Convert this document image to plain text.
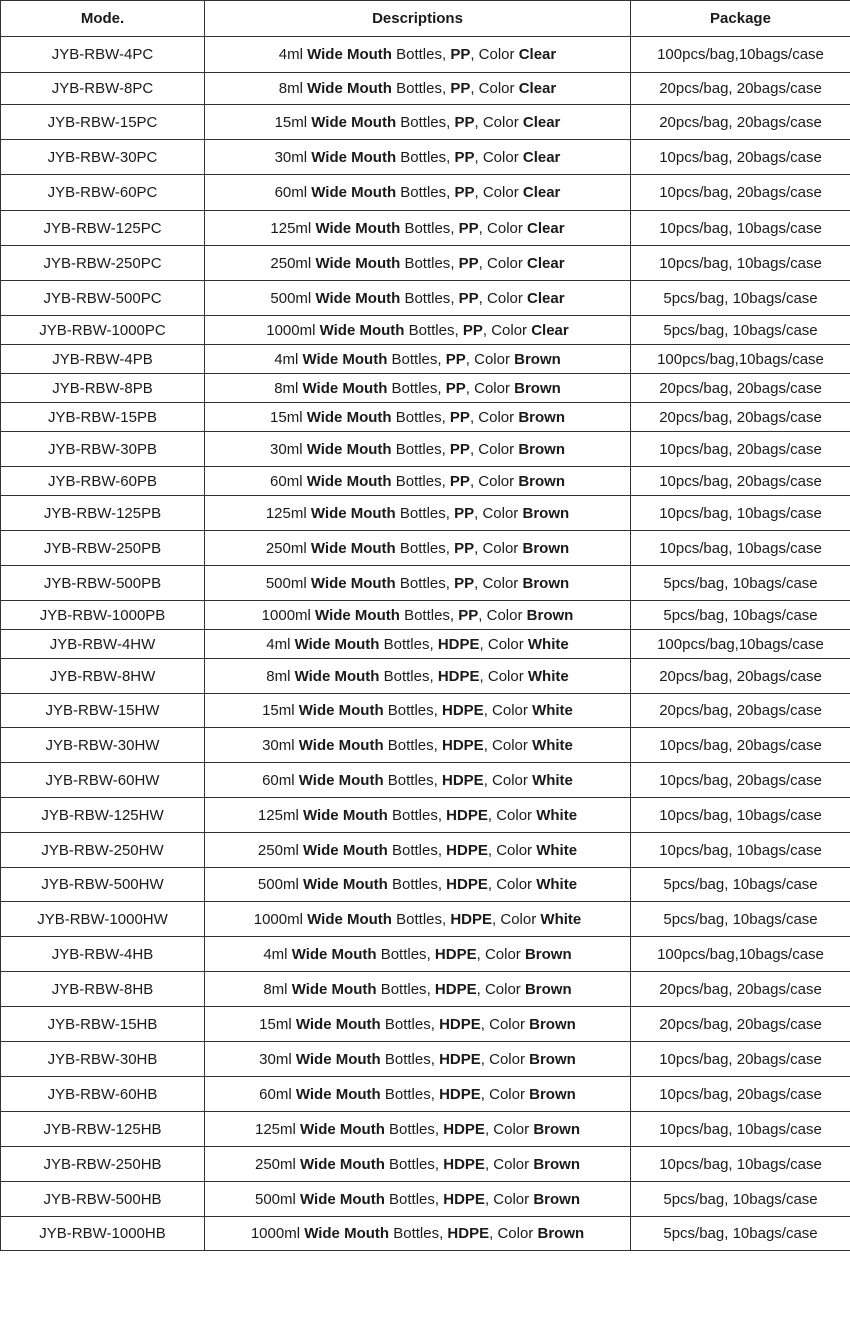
Mode.	Descriptions	Package
JYB-RBW-4PC	4ml Wide Mouth Bottles, PP, Color Clear	100pcs/bag,10bags/case
JYB-RBW-8PC	8ml Wide Mouth Bottles, PP, Color Clear	20pcs/bag, 20bags/case
JYB-RBW-15PC	15ml Wide Mouth Bottles, PP, Color Clear	20pcs/bag, 20bags/case
JYB-RBW-30PC	30ml Wide Mouth Bottles, PP, Color Clear	10pcs/bag, 20bags/case
JYB-RBW-60PC	60ml Wide Mouth Bottles, PP, Color Clear	10pcs/bag, 20bags/case
JYB-RBW-125PC	125ml Wide Mouth Bottles, PP, Color Clear	10pcs/bag, 10bags/case
JYB-RBW-250PC	250ml Wide Mouth Bottles, PP, Color Clear	10pcs/bag, 10bags/case
JYB-RBW-500PC	500ml Wide Mouth Bottles, PP, Color Clear	5pcs/bag, 10bags/case
JYB-RBW-1000PC	1000ml Wide Mouth Bottles, PP, Color Clear	5pcs/bag, 10bags/case
JYB-RBW-4PB	4ml Wide Mouth Bottles, PP, Color Brown	100pcs/bag,10bags/case
JYB-RBW-8PB	8ml Wide Mouth Bottles, PP, Color Brown	20pcs/bag, 20bags/case
JYB-RBW-15PB	15ml Wide Mouth Bottles, PP, Color Brown	20pcs/bag, 20bags/case
JYB-RBW-30PB	30ml Wide Mouth Bottles, PP, Color Brown	10pcs/bag, 20bags/case
JYB-RBW-60PB	60ml Wide Mouth Bottles, PP, Color Brown	10pcs/bag, 20bags/case
JYB-RBW-125PB	125ml Wide Mouth Bottles, PP, Color Brown	10pcs/bag, 10bags/case
JYB-RBW-250PB	250ml Wide Mouth Bottles, PP, Color Brown	10pcs/bag, 10bags/case
JYB-RBW-500PB	500ml Wide Mouth Bottles, PP, Color Brown	5pcs/bag, 10bags/case
JYB-RBW-1000PB	1000ml Wide Mouth Bottles, PP, Color Brown	5pcs/bag, 10bags/case
JYB-RBW-4HW	4ml Wide Mouth Bottles, HDPE, Color White	100pcs/bag,10bags/case
JYB-RBW-8HW	8ml Wide Mouth Bottles, HDPE, Color White	20pcs/bag, 20bags/case
JYB-RBW-15HW	15ml Wide Mouth Bottles, HDPE, Color White	20pcs/bag, 20bags/case
JYB-RBW-30HW	30ml Wide Mouth Bottles, HDPE, Color White	10pcs/bag, 20bags/case
JYB-RBW-60HW	60ml Wide Mouth Bottles, HDPE, Color White	10pcs/bag, 20bags/case
JYB-RBW-125HW	125ml Wide Mouth Bottles, HDPE, Color White	10pcs/bag, 10bags/case
JYB-RBW-250HW	250ml Wide Mouth Bottles, HDPE, Color White	10pcs/bag, 10bags/case
JYB-RBW-500HW	500ml Wide Mouth Bottles, HDPE, Color White	5pcs/bag, 10bags/case
JYB-RBW-1000HW	1000ml Wide Mouth Bottles, HDPE, Color White	5pcs/bag, 10bags/case
JYB-RBW-4HB	4ml Wide Mouth Bottles, HDPE, Color Brown	100pcs/bag,10bags/case
JYB-RBW-8HB	8ml Wide Mouth Bottles, HDPE, Color Brown	20pcs/bag, 20bags/case
JYB-RBW-15HB	15ml Wide Mouth Bottles, HDPE, Color Brown	20pcs/bag, 20bags/case
JYB-RBW-30HB	30ml Wide Mouth Bottles, HDPE, Color Brown	10pcs/bag, 20bags/case
JYB-RBW-60HB	60ml Wide Mouth Bottles, HDPE, Color Brown	10pcs/bag, 20bags/case
JYB-RBW-125HB	125ml Wide Mouth Bottles, HDPE, Color Brown	10pcs/bag, 10bags/case
JYB-RBW-250HB	250ml Wide Mouth Bottles, HDPE, Color Brown	10pcs/bag, 10bags/case
JYB-RBW-500HB	500ml Wide Mouth Bottles, HDPE, Color Brown	5pcs/bag, 10bags/case
JYB-RBW-1000HB	1000ml Wide Mouth Bottles, HDPE, Color Brown	5pcs/bag, 10bags/case
